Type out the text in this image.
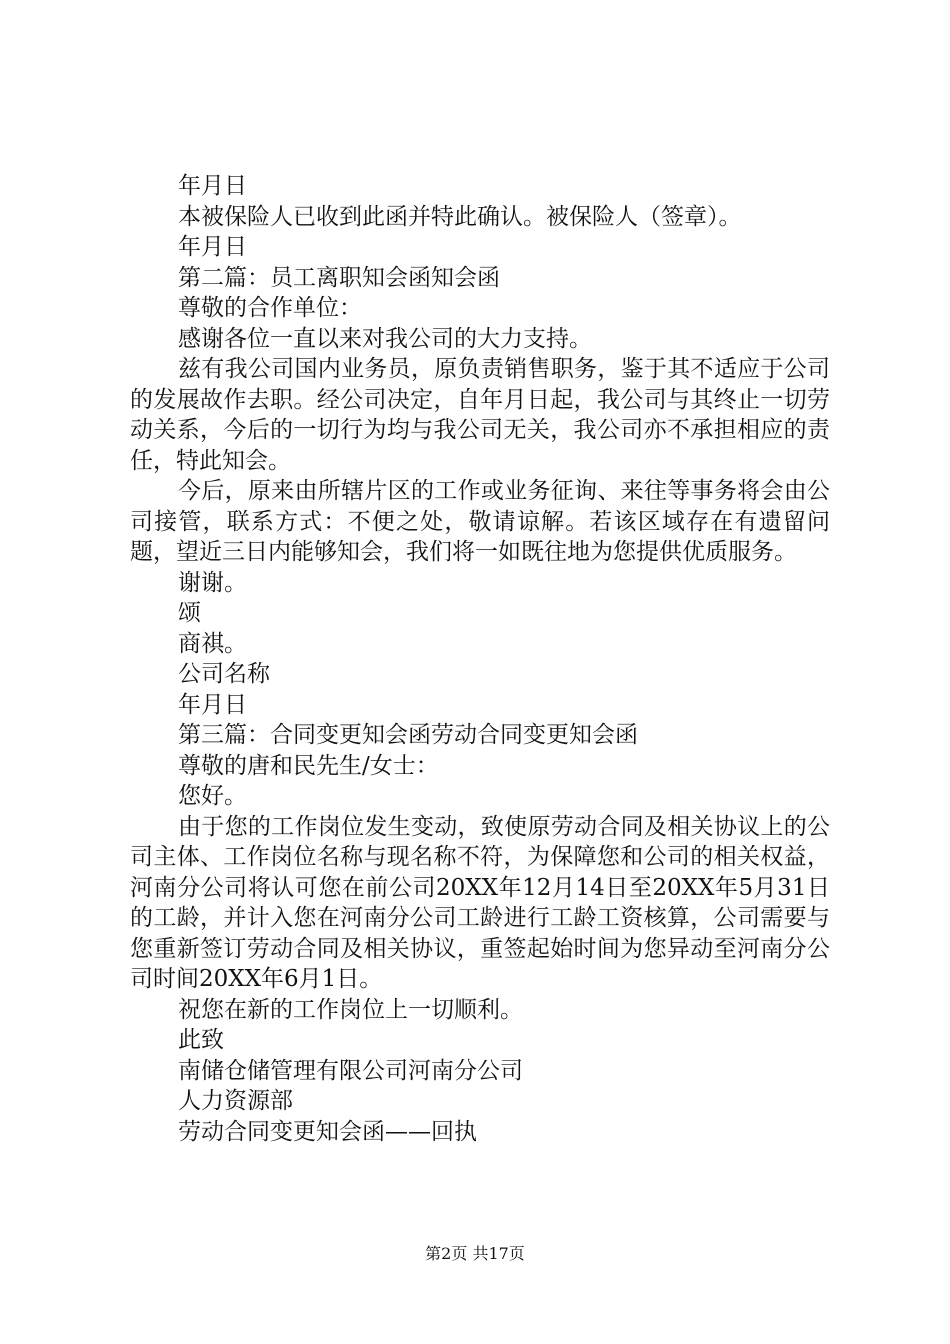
年月日
本被保险人已收到此函并特此确认。被保险人（签章）。
年月日
第二篇：员工离职知会函知会函
尊敬的合作单位：
感谢各位一直以来对我公司的大力支持。
兹有我公司国内业务员，原负责销售职务，鉴于其不适应于公司的发展故作去职。经公司决定，自年月日起，我公司与其终止一切劳动关系，今后的一切行为均与我公司无关，我公司亦不承担相应的责任，特此知会。
今后，原来由所辖片区的工作或业务征询、来往等事务将会由公司接管，联系方式：不便之处，敬请谅解。若该区域存在有遗留问题，望近三日内能够知会，我们将一如既往地为您提供优质服务。
谢谢。
颂
商祺。
公司名称
年月日
第三篇：合同变更知会函劳动合同变更知会函
尊敬的唐和民先生/女士：
您好。
由于您的工作岗位发生变动，致使原劳动合同及相关协议上的公司主体、工作岗位名称与现名称不符，为保障您和公司的相关权益，河南分公司将认可您在前公司20XX年12月14日至20XX年5月31日的工龄，并计入您在河南分公司工龄进行工龄工资核算，公司需要与您重新签订劳动合同及相关协议，重签起始时间为您异动至河南分公司时间20XX年6月1日。
祝您在新的工作岗位上一切顺利。
此致
南储仓储管理有限公司河南分公司
人力资源部
劳动合同变更知会函——回执
第2页 共17页
